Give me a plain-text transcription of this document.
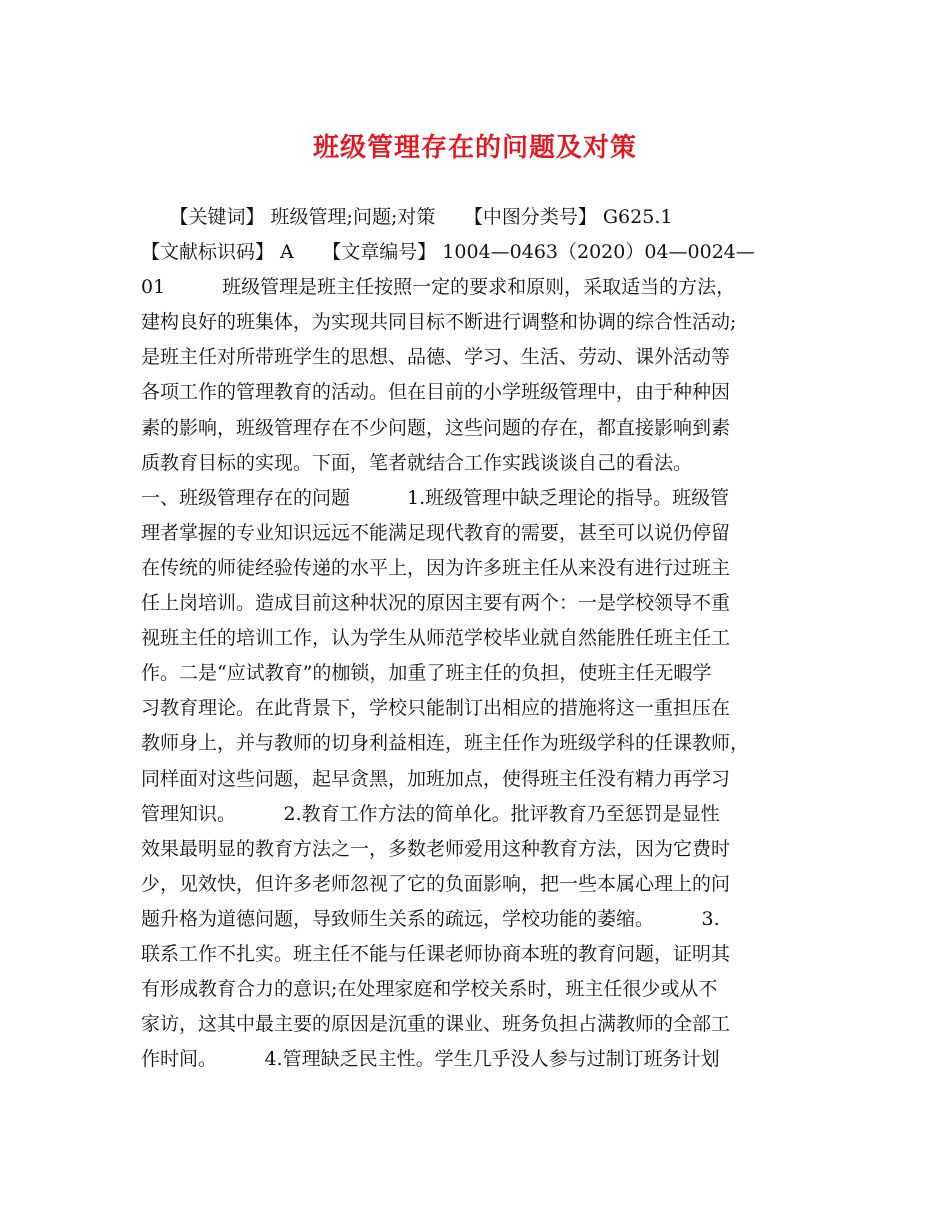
班级管理存在的问题及对策
　　【关键词】 班级管理;问题;对策　　【中图分类号】 G625.1
【文献标识码】 A　　【文章编号】 1004—0463（2020）04—0024—
01　　　班级管理是班主任按照一定的要求和原则，采取适当的方法，
建构良好的班集体，为实现共同目标不断进行调整和协调的综合性活动;
是班主任对所带班学生的思想、品德、学习、生活、劳动、课外活动等
各项工作的管理教育的活动。但在目前的小学班级管理中，由于种种因
素的影响，班级管理存在不少问题，这些问题的存在，都直接影响到素
质教育目标的实现。下面，笔者就结合工作实践谈谈自己的看法。
一、班级管理存在的问题　　　1.班级管理中缺乏理论的指导。班级管
理者掌握的专业知识远远不能满足现代教育的需要，甚至可以说仍停留
在传统的师徒经验传递的水平上，因为许多班主任从来没有进行过班主
任上岗培训。造成目前这种状况的原因主要有两个：一是学校领导不重
视班主任的培训工作，认为学生从师范学校毕业就自然能胜任班主任工
作。二是“应试教育”的枷锁，加重了班主任的负担，使班主任无暇学
习教育理论。在此背景下，学校只能制订出相应的措施将这一重担压在
教师身上，并与教师的切身利益相连，班主任作为班级学科的任课教师，
同样面对这些问题，起早贪黑，加班加点，使得班主任没有精力再学习
管理知识。　　　2.教育工作方法的简单化。批评教育乃至惩罚是显性
效果最明显的教育方法之一，多数老师爱用这种教育方法，因为它费时
少，见效快，但许多老师忽视了它的负面影响，把一些本属心理上的问
题升格为道德问题，导致师生关系的疏远，学校功能的萎缩。　　　3.
联系工作不扎实。班主任不能与任课老师协商本班的教育问题，证明其
有形成教育合力的意识;在处理家庭和学校关系时，班主任很少或从不
家访，这其中最主要的原因是沉重的课业、班务负担占满教师的全部工
作时间。　　　4.管理缺乏民主性。学生几乎没人参与过制订班务计划
